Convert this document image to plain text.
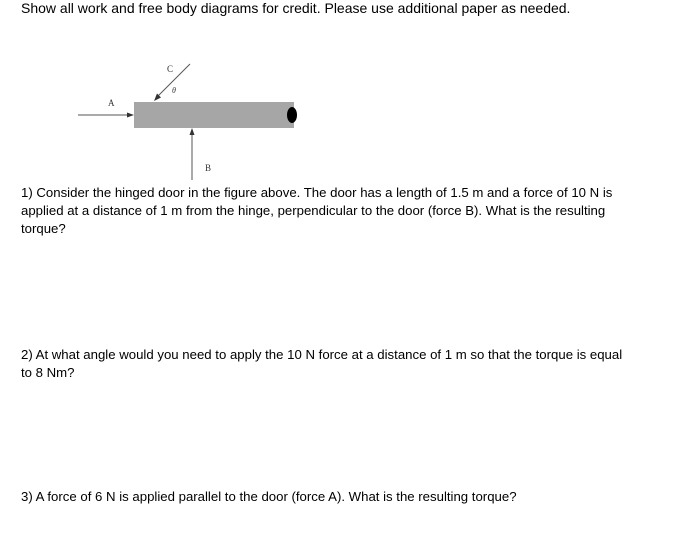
Show all work and free body diagrams for credit. Please use additional paper as needed.
A
B
C
θ
1) Consider the hinged door in the figure above. The door has a length of 1.5 m and a force of 10 N is
applied at a distance of 1 m from the hinge, perpendicular to the door (force B). What is the resulting
torque?
2) At what angle would you need to apply the 10 N force at a distance of 1 m so that the torque is equal
to 8 Nm?
3) A force of 6 N is applied parallel to the door (force A). What is the resulting torque?
